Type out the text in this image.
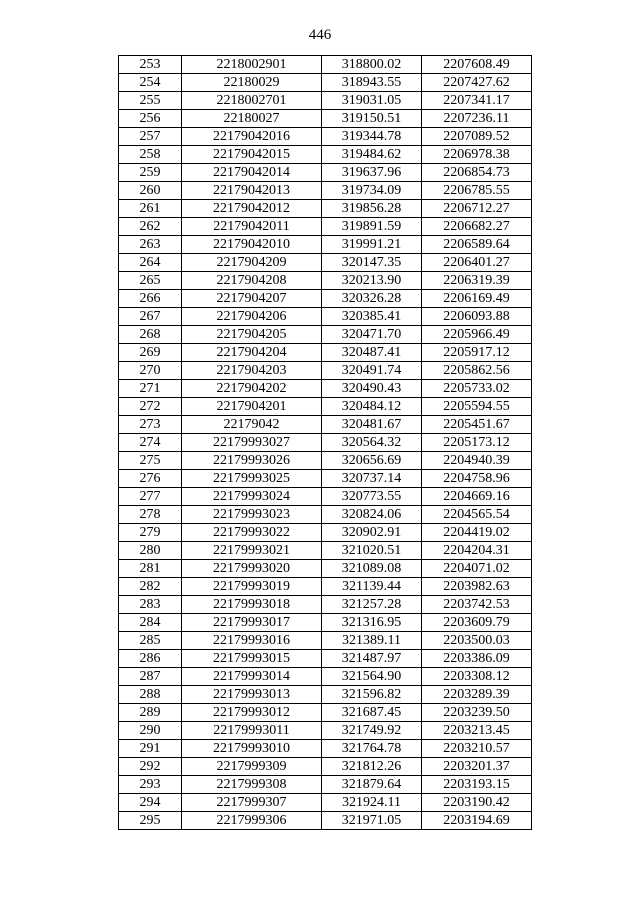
446
253	2218002901	318800.02	2207608.49
254	22180029	318943.55	2207427.62
255	2218002701	319031.05	2207341.17
256	22180027	319150.51	2207236.11
257	22179042016	319344.78	2207089.52
258	22179042015	319484.62	2206978.38
259	22179042014	319637.96	2206854.73
260	22179042013	319734.09	2206785.55
261	22179042012	319856.28	2206712.27
262	22179042011	319891.59	2206682.27
263	22179042010	319991.21	2206589.64
264	2217904209	320147.35	2206401.27
265	2217904208	320213.90	2206319.39
266	2217904207	320326.28	2206169.49
267	2217904206	320385.41	2206093.88
268	2217904205	320471.70	2205966.49
269	2217904204	320487.41	2205917.12
270	2217904203	320491.74	2205862.56
271	2217904202	320490.43	2205733.02
272	2217904201	320484.12	2205594.55
273	22179042	320481.67	2205451.67
274	22179993027	320564.32	2205173.12
275	22179993026	320656.69	2204940.39
276	22179993025	320737.14	2204758.96
277	22179993024	320773.55	2204669.16
278	22179993023	320824.06	2204565.54
279	22179993022	320902.91	2204419.02
280	22179993021	321020.51	2204204.31
281	22179993020	321089.08	2204071.02
282	22179993019	321139.44	2203982.63
283	22179993018	321257.28	2203742.53
284	22179993017	321316.95	2203609.79
285	22179993016	321389.11	2203500.03
286	22179993015	321487.97	2203386.09
287	22179993014	321564.90	2203308.12
288	22179993013	321596.82	2203289.39
289	22179993012	321687.45	2203239.50
290	22179993011	321749.92	2203213.45
291	22179993010	321764.78	2203210.57
292	2217999309	321812.26	2203201.37
293	2217999308	321879.64	2203193.15
294	2217999307	321924.11	2203190.42
295	2217999306	321971.05	2203194.69
